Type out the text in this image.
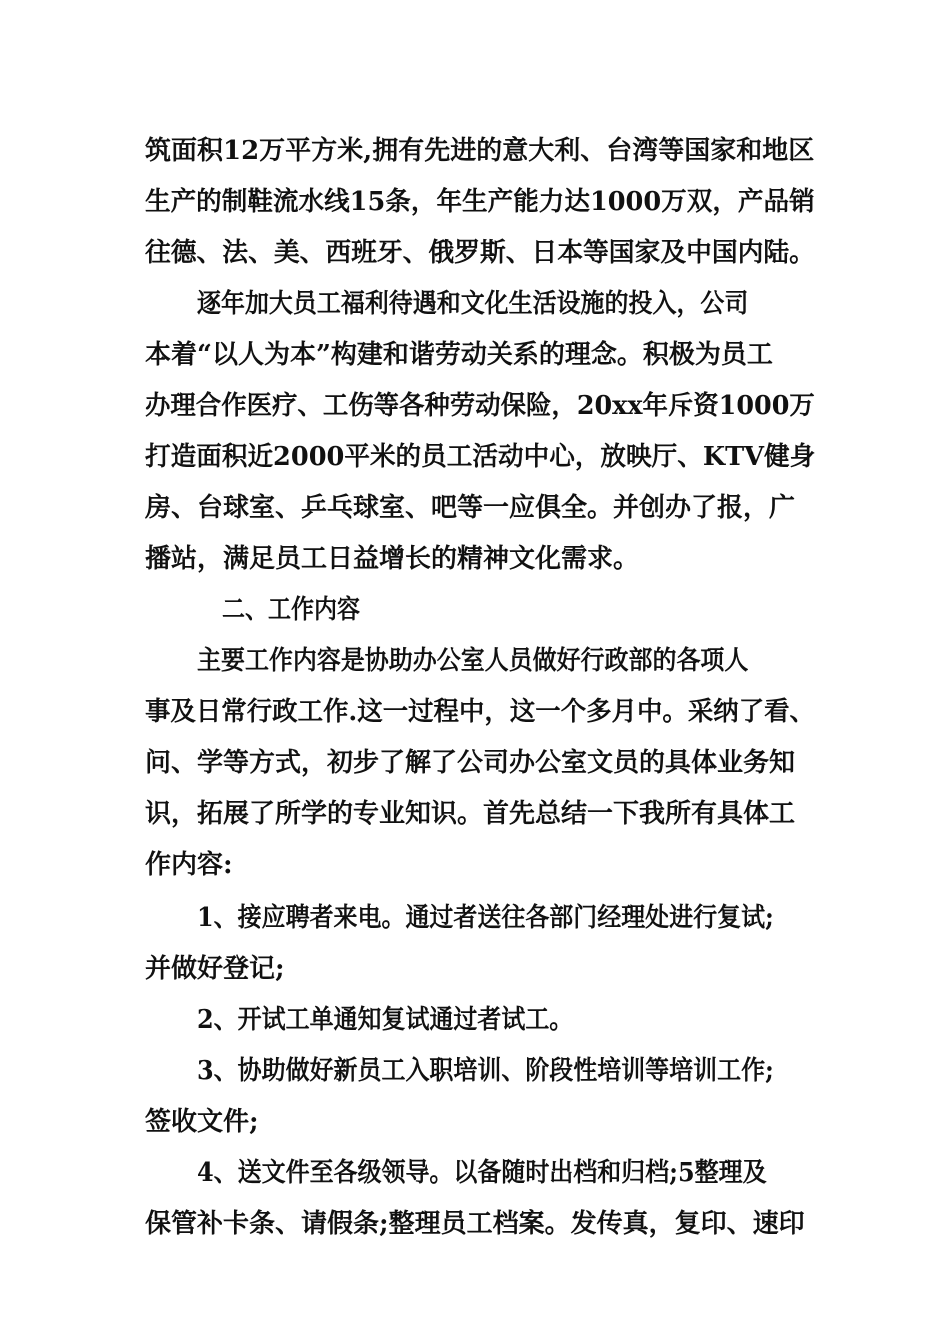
筑面积12万平方米,拥有先进的意大利、台湾等国家和地区
生产的制鞋流水线15条，年生产能力达1000万双，产品销
往德、法、美、西班牙、俄罗斯、日本等国家及中国内陆。
逐年加大员工福利待遇和文化生活设施的投入，公司
本着“以人为本”构建和谐劳动关系的理念。积极为员工
办理合作医疗、工伤等各种劳动保险，20xx年斥资1000万
打造面积近2000平米的员工活动中心，放映厅、KTV健身
房、台球室、乒乓球室、吧等一应俱全。并创办了报，广
播站，满足员工日益增长的精神文化需求。
二、工作内容
主要工作内容是协助办公室人员做好行政部的各项人
事及日常行政工作.这一过程中，这一个多月中。采纳了看、
问、学等方式，初步了解了公司办公室文员的具体业务知
识，拓展了所学的专业知识。首先总结一下我所有具体工
作内容:
1、接应聘者来电。通过者送往各部门经理处进行复试;
并做好登记;
2、开试工单通知复试通过者试工。
3、协助做好新员工入职培训、阶段性培训等培训工作;
签收文件;
4、送文件至各级领导。以备随时出档和归档;5整理及
保管补卡条、请假条;整理员工档案。发传真，复印、速印
